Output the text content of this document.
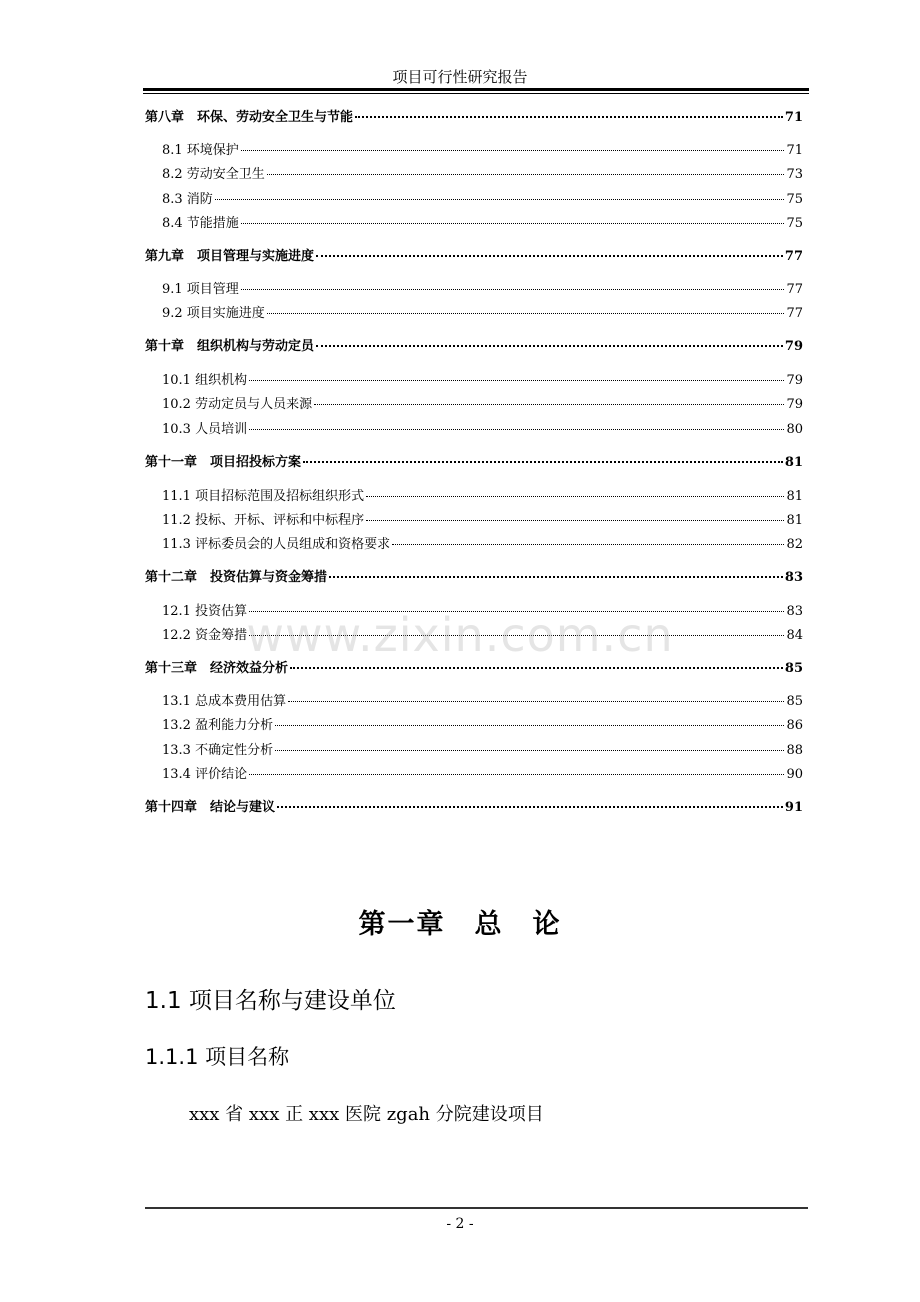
项目可行性研究报告
第八章　环保、劳动安全卫生与节能	71
8.1 环境保护	71
8.2 劳动安全卫生	73
8.3 消防	75
8.4 节能措施	75
第九章　项目管理与实施进度	77
9.1 项目管理	77
9.2 项目实施进度	77
第十章　组织机构与劳动定员	79
10.1 组织机构	79
10.2 劳动定员与人员来源	79
10.3 人员培训	80
第十一章　项目招投标方案	81
11.1 项目招标范围及招标组织形式	81
11.2 投标、开标、评标和中标程序	81
11.3 评标委员会的人员组成和资格要求	82
第十二章　投资估算与资金筹措	83
12.1 投资估算	83
12.2 资金筹措	84
第十三章　经济效益分析	85
13.1 总成本费用估算	85
13.2 盈利能力分析	86
13.3 不确定性分析	88
13.4 评价结论	90
第十四章　结论与建议	91
www.zixin.com.cn
第一章　总　论
1.1 项目名称与建设单位
1.1.1 项目名称
xxx 省 xxx 正 xxx 医院 zgah 分院建设项目
- 2 -
